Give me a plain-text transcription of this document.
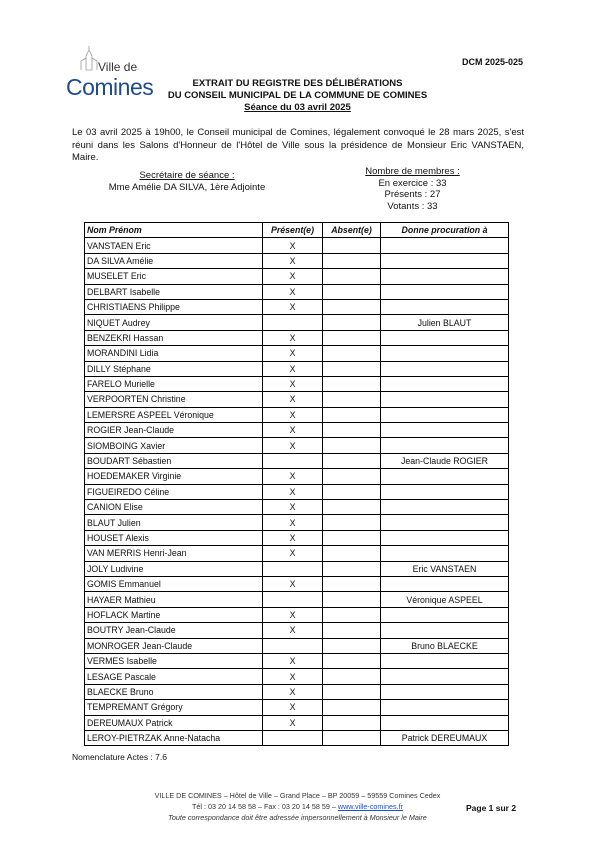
Ville de
Comines
DCM 2025-025
EXTRAIT DU REGISTRE DES DÉLIBÉRATIONS
DU CONSEIL MUNICIPAL DE LA COMMUNE DE COMINES
Séance du 03 avril 2025
Le 03 avril 2025 à 19h00, le Conseil municipal de Comines, légalement convoqué le 28 mars 2025, s'est réuni dans les Salons d'Honneur de l'Hôtel de Ville sous la présidence de Monsieur Eric VANSTAEN, Maire.
Secrétaire de séance :
Mme Amélie DA SILVA, 1ère Adjointe
Nombre de membres :
En exercice : 33
Présents : 27
Votants : 33
Nom Prénom	Présent(e)	Absent(e)	Donne procuration à
VANSTAEN Eric	X		
DA SILVA Amélie	X		
MUSELET Eric	X		
DELBART Isabelle	X		
CHRISTIAENS Philippe	X		
NIQUET Audrey			Julien BLAUT
BENZEKRI Hassan	X		
MORANDINI Lidia	X		
DILLY Stéphane	X		
FARELO Murielle	X		
VERPOORTEN Christine	X		
LEMERSRE ASPEEL Véronique	X		
ROGIER Jean-Claude	X		
SIOMBOING Xavier	X		
BOUDART Sébastien			Jean-Claude ROGIER
HOEDEMAKER Virginie	X		
FIGUEIREDO Céline	X		
CANION Elise	X		
BLAUT Julien	X		
HOUSET Alexis	X		
VAN MERRIS Henri-Jean	X		
JOLY Ludivine			Eric VANSTAEN
GOMIS Emmanuel	X		
HAYAER Mathieu			Véronique ASPEEL
HOFLACK Martine	X		
BOUTRY Jean-Claude	X		
MONROGER Jean-Claude			Bruno BLAECKE
VERMES Isabelle	X		
LESAGE Pascale	X		
BLAECKE Bruno	X		
TEMPREMANT Grégory	X		
DEREUMAUX Patrick	X		
LEROY-PIETRZAK Anne-Natacha			Patrick DEREUMAUX
Nomenclature Actes : 7.6
VILLE DE COMINES – Hôtel de Ville – Grand Place – BP 20059 – 59559 Comines Cedex
Tél : 03 20 14 58 58 – Fax : 03 20 14 58 59 – www.ville-comines.fr
Toute correspondance doit être adressée impersonnellement à Monsieur le Maire
Page 1 sur 2
